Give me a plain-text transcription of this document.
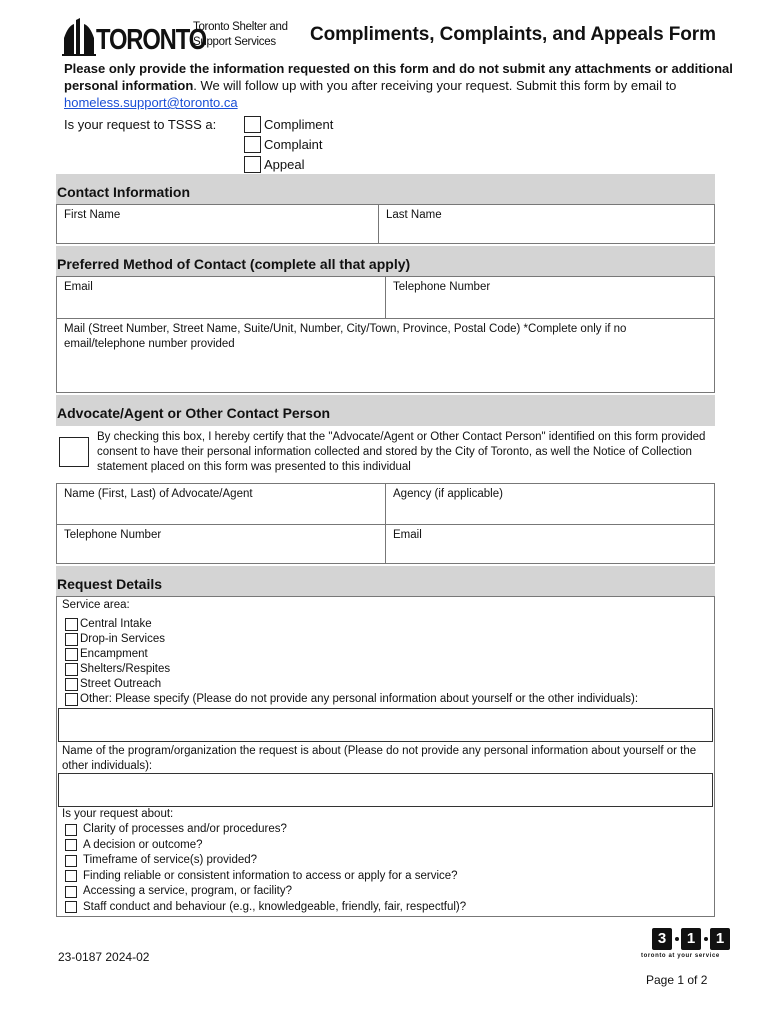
TORONTO
Toronto Shelter and
Support Services	Compliments, Complaints, and Appeals Form
Please only provide the information requested on this form and do not submit any attachments or additional personal information. We will follow up with you after receiving your request. Submit this form by email to homeless.support@toronto.ca
Is your request to TSSS a:	Compliment
Complaint
Appeal
Contact Information
First Name	Last Name
Preferred Method of Contact (complete all that apply)
Email	Telephone Number
Mail (Street Number, Street Name, Suite/Unit, Number, City/Town, Province, Postal Code) *Complete only if no email/telephone number provided
Advocate/Agent or Other Contact Person
By checking this box, I hereby certify that the "Advocate/Agent or Other Contact Person" identified on this form provided consent to have their personal information collected and stored by the City of Toronto, as well the Notice of Collection statement placed on this form was presented to this individual
Name (First, Last) of Advocate/Agent	Agency (if applicable)
Telephone Number	Email
Request Details
Service area:
Central Intake
Drop-in Services
Encampment
Shelters/Respites
Street Outreach
Other: Please specify (Please do not provide any personal information about yourself or the other individuals):
Name of the program/organization the request is about (Please do not provide any personal information about yourself or the other individuals):
Is your request about:
Clarity of processes and/or procedures?
A decision or outcome?
Timeframe of service(s) provided?
Finding reliable or consistent information to access or apply for a service?
Accessing a service, program, or facility?
Staff conduct and behaviour (e.g., knowledgeable, friendly, fair, respectful)?
23-0187 2024-02
3	1	1
toronto at your service
Page 1 of 2
